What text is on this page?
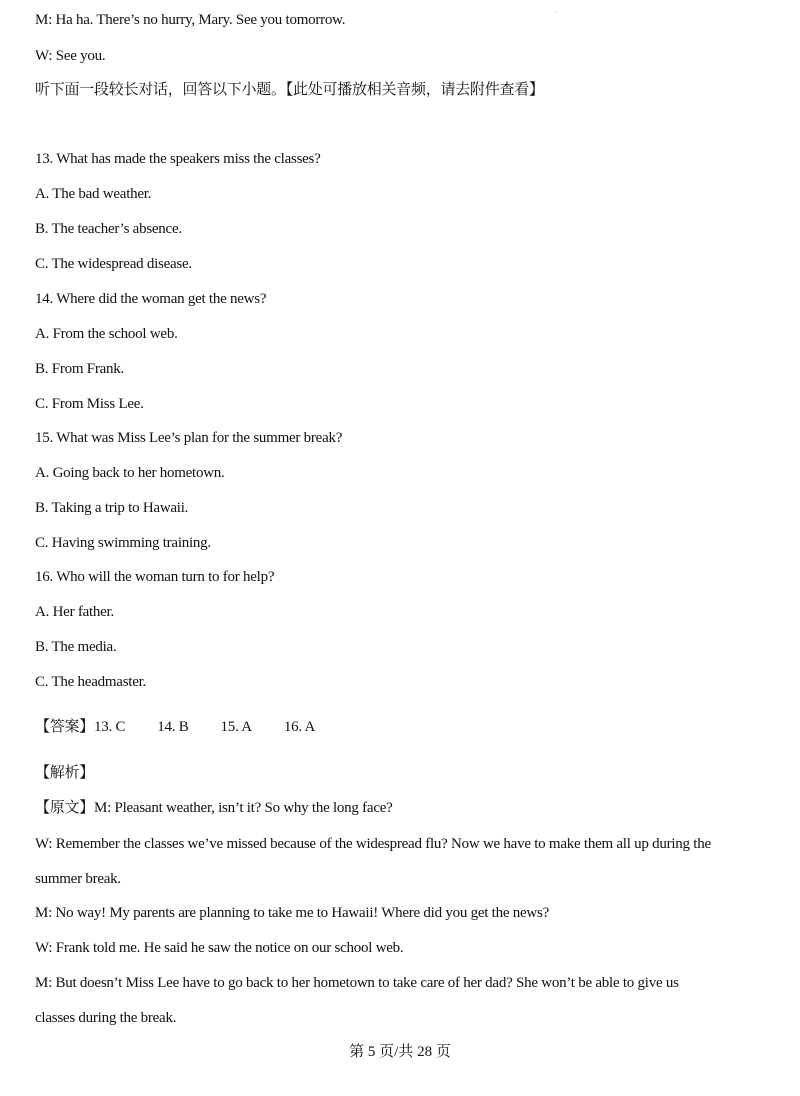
M: Ha ha. There’s no hurry, Mary. See you tomorrow.
W: See you.
听下面一段较长对话，回答以下小题。【此处可播放相关音频，请去附件查看】
13. What has made the speakers miss the classes?
A. The bad weather.
B. The teacher’s absence.
C. The widespread disease.
14. Where did the woman get the news?
A. From the school web.
B. From Frank.
C. From Miss Lee.
15. What was Miss Lee’s plan for the summer break?
A. Going back to her hometown.
B. Taking a trip to Hawaii.
C. Having swimming training.
16. Who will the woman turn to for help?
A. Her father.
B. The media.
C. The headmaster.
【答案】13. C 14. B 15. A 16. A
【解析】
【原文】M: Pleasant weather, isn’t it? So why the long face?
W: Remember the classes we’ve missed because of the widespread flu? Now we have to make them all up during the
summer break.
M: No way! My parents are planning to take me to Hawaii! Where did you get the news?
W: Frank told me. He said he saw the notice on our school web.
M: But doesn’t Miss Lee have to go back to her hometown to take care of her dad? She won’t be able to give us
classes during the break.
第 5 页/共 28 页
